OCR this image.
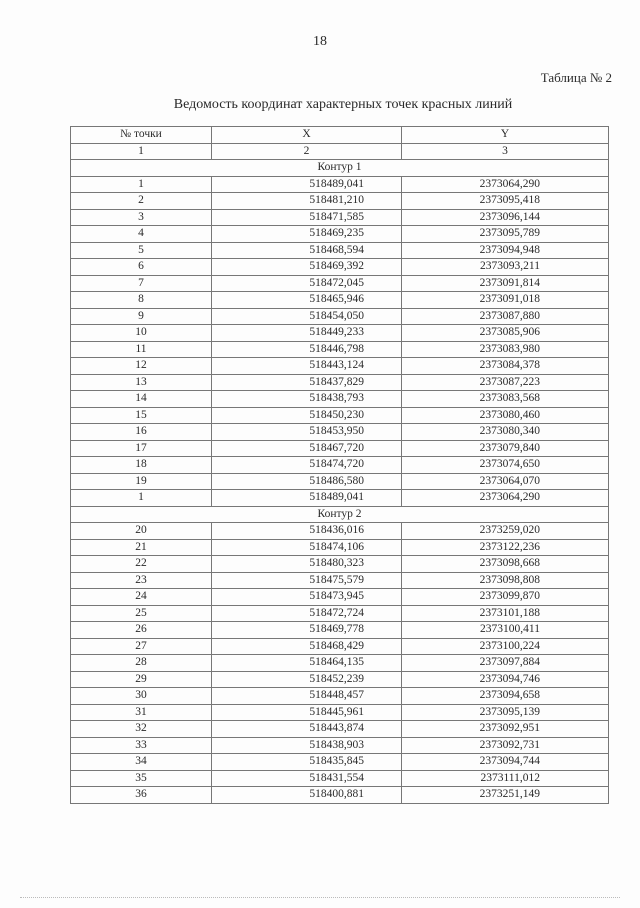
18
Таблица № 2
Ведомость координат характерных точек красных линий
№ точки	X	Y
1	2	3
Контур 1		
1	518489,041	2373064,290
2	518481,210	2373095,418
3	518471,585	2373096,144
4	518469,235	2373095,789
5	518468,594	2373094,948
6	518469,392	2373093,211
7	518472,045	2373091,814
8	518465,946	2373091,018
9	518454,050	2373087,880
10	518449,233	2373085,906
11	518446,798	2373083,980
12	518443,124	2373084,378
13	518437,829	2373087,223
14	518438,793	2373083,568
15	518450,230	2373080,460
16	518453,950	2373080,340
17	518467,720	2373079,840
18	518474,720	2373074,650
19	518486,580	2373064,070
1	518489,041	2373064,290
Контур 2		
20	518436,016	2373259,020
21	518474,106	2373122,236
22	518480,323	2373098,668
23	518475,579	2373098,808
24	518473,945	2373099,870
25	518472,724	2373101,188
26	518469,778	2373100,411
27	518468,429	2373100,224
28	518464,135	2373097,884
29	518452,239	2373094,746
30	518448,457	2373094,658
31	518445,961	2373095,139
32	518443,874	2373092,951
33	518438,903	2373092,731
34	518435,845	2373094,744
35	518431,554	2373111,012
36	518400,881	2373251,149
